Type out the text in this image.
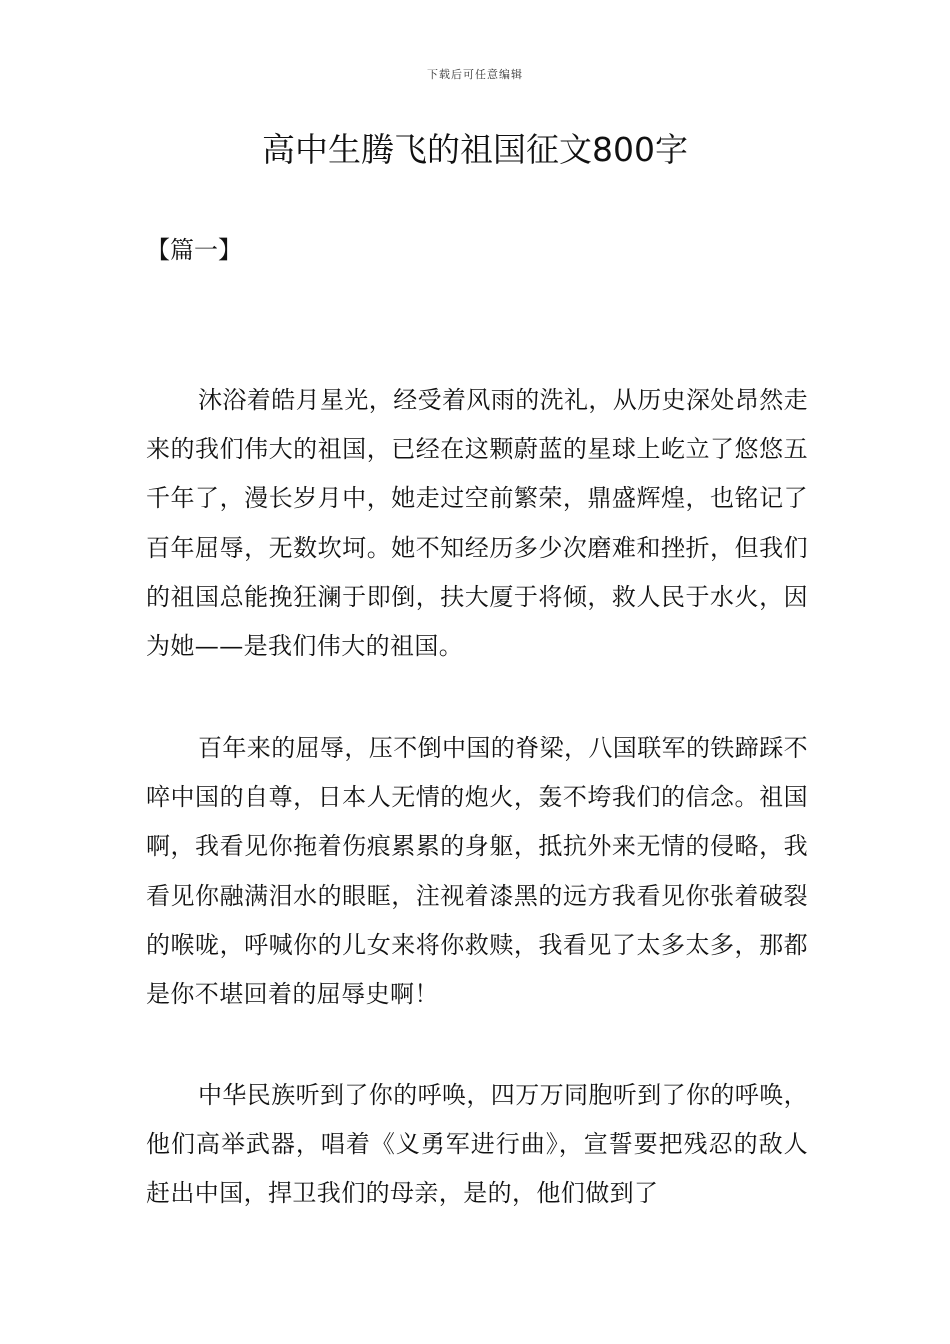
下载后可任意编辑
高中生腾飞的祖国征文800字
【篇一】

沐浴着皓月星光，经受着风雨的洗礼，从历史深处昂然走来的我们伟大的祖国，已经在这颗蔚蓝的星球上屹立了悠悠五千年了，漫长岁月中，她走过空前繁荣，鼎盛辉煌，也铭记了百年屈辱，无数坎坷。她不知经历多少次磨难和挫折，但我们的祖国总能挽狂澜于即倒，扶大厦于将倾，救人民于水火，因为她——是我们伟大的祖国。

百年来的屈辱，压不倒中国的脊梁，八国联军的铁蹄踩不啐中国的自尊，日本人无情的炮火，轰不垮我们的信念。祖国啊，我看见你拖着伤痕累累的身躯，抵抗外来无情的侵略，我看见你融满泪水的眼眶，注视着漆黑的远方我看见你张着破裂的喉咙，呼喊你的儿女来将你救赎，我看见了太多太多，那都是你不堪回着的屈辱史啊！

中华民族听到了你的呼唤，四万万同胞听到了你的呼唤，他们高举武器，唱着《义勇军进行曲》，宣誓要把残忍的敌人赶出中国，捍卫我们的母亲，是的，他们做到了
